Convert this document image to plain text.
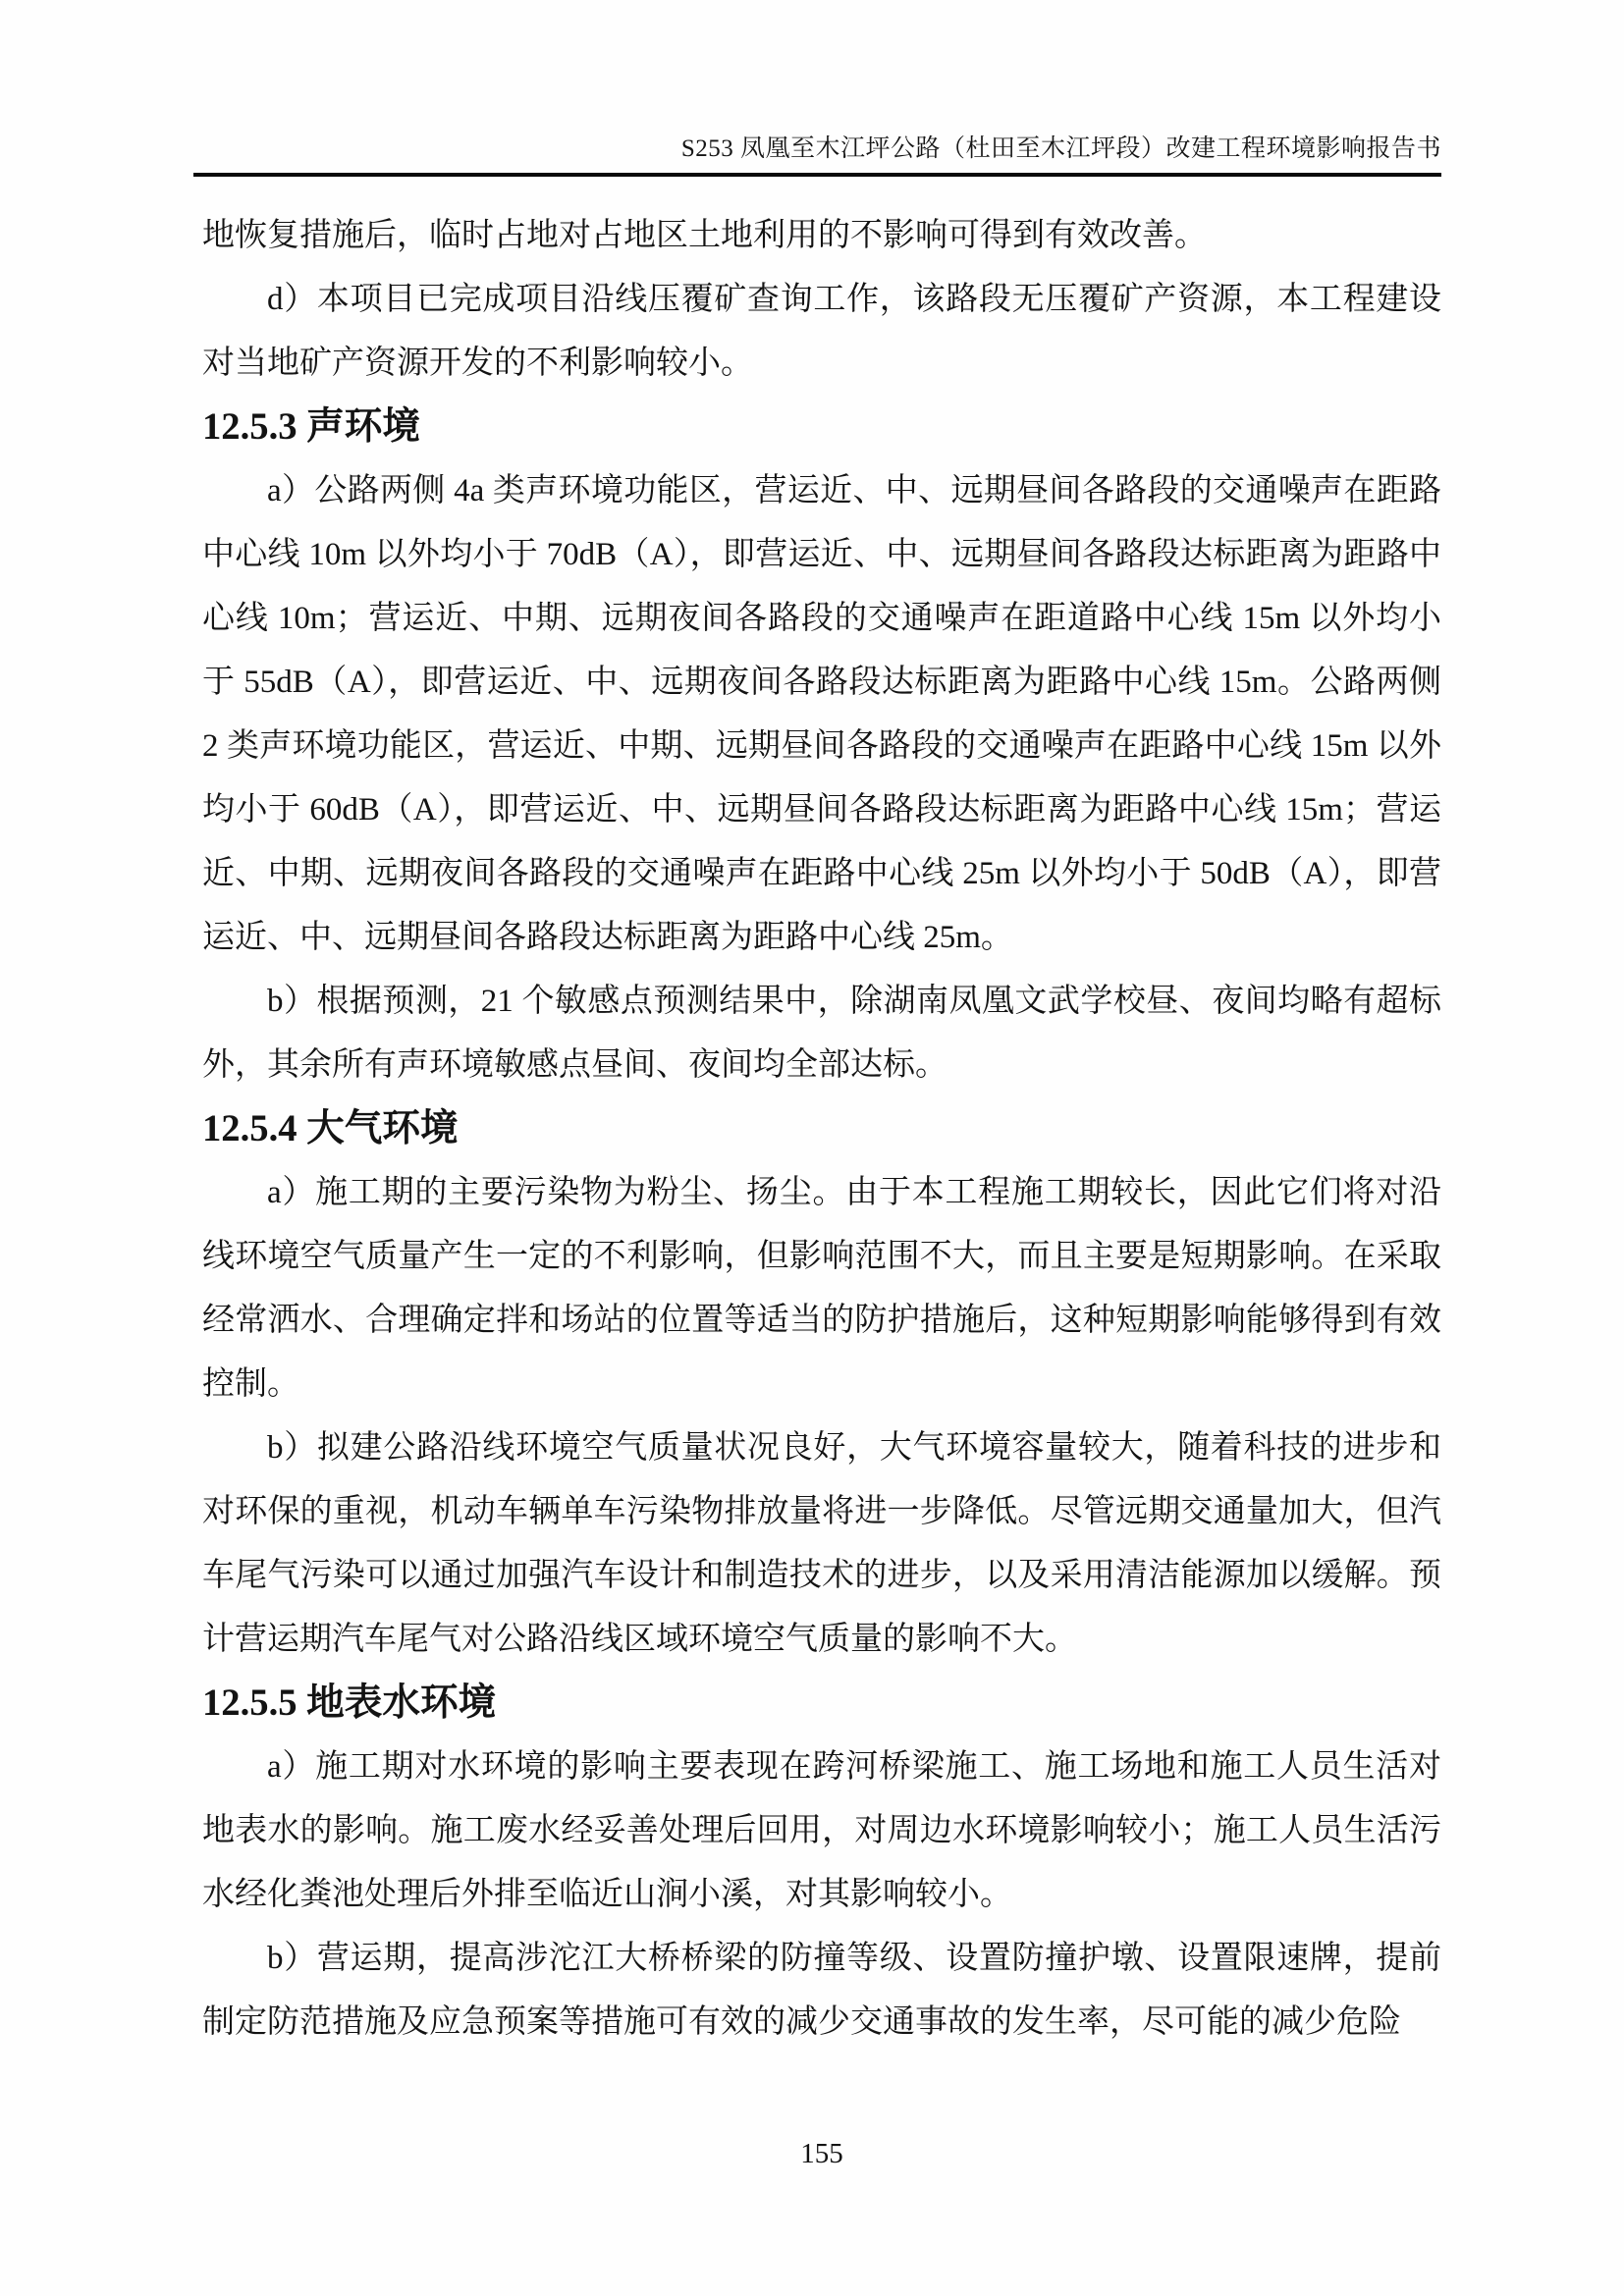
S253 凤凰至木江坪公路（杜田至木江坪段）改建工程环境影响报告书

地恢复措施后，临时占地对占地区土地利用的不影响可得到有效改善。

d）本项目已完成项目沿线压覆矿查询工作，该路段无压覆矿产资源，本工程建设对当地矿产资源开发的不利影响较小。

12.5.3 声环境

a）公路两侧 4a 类声环境功能区，营运近、中、远期昼间各路段的交通噪声在距路中心线 10m 以外均小于 70dB（A），即营运近、中、远期昼间各路段达标距离为距路中心线 10m；营运近、中期、远期夜间各路段的交通噪声在距道路中心线 15m 以外均小于 55dB（A），即营运近、中、远期夜间各路段达标距离为距路中心线 15m。公路两侧 2 类声环境功能区，营运近、中期、远期昼间各路段的交通噪声在距路中心线 15m 以外均小于 60dB（A），即营运近、中、远期昼间各路段达标距离为距路中心线 15m；营运近、中期、远期夜间各路段的交通噪声在距路中心线 25m 以外均小于 50dB（A），即营运近、中、远期昼间各路段达标距离为距路中心线 25m。

b）根据预测，21 个敏感点预测结果中，除湖南凤凰文武学校昼、夜间均略有超标外，其余所有声环境敏感点昼间、夜间均全部达标。

12.5.4 大气环境

a）施工期的主要污染物为粉尘、扬尘。由于本工程施工期较长，因此它们将对沿线环境空气质量产生一定的不利影响，但影响范围不大，而且主要是短期影响。在采取经常洒水、合理确定拌和场站的位置等适当的防护措施后，这种短期影响能够得到有效控制。

b）拟建公路沿线环境空气质量状况良好，大气环境容量较大，随着科技的进步和对环保的重视，机动车辆单车污染物排放量将进一步降低。尽管远期交通量加大，但汽车尾气污染可以通过加强汽车设计和制造技术的进步，以及采用清洁能源加以缓解。预计营运期汽车尾气对公路沿线区域环境空气质量的影响不大。

12.5.5 地表水环境

a）施工期对水环境的影响主要表现在跨河桥梁施工、施工场地和施工人员生活对地表水的影响。施工废水经妥善处理后回用，对周边水环境影响较小；施工人员生活污水经化粪池处理后外排至临近山涧小溪，对其影响较小。

b）营运期，提高涉沱江大桥桥梁的防撞等级、设置防撞护墩、设置限速牌，提前制定防范措施及应急预案等措施可有效的减少交通事故的发生率，尽可能的减少危险

155
